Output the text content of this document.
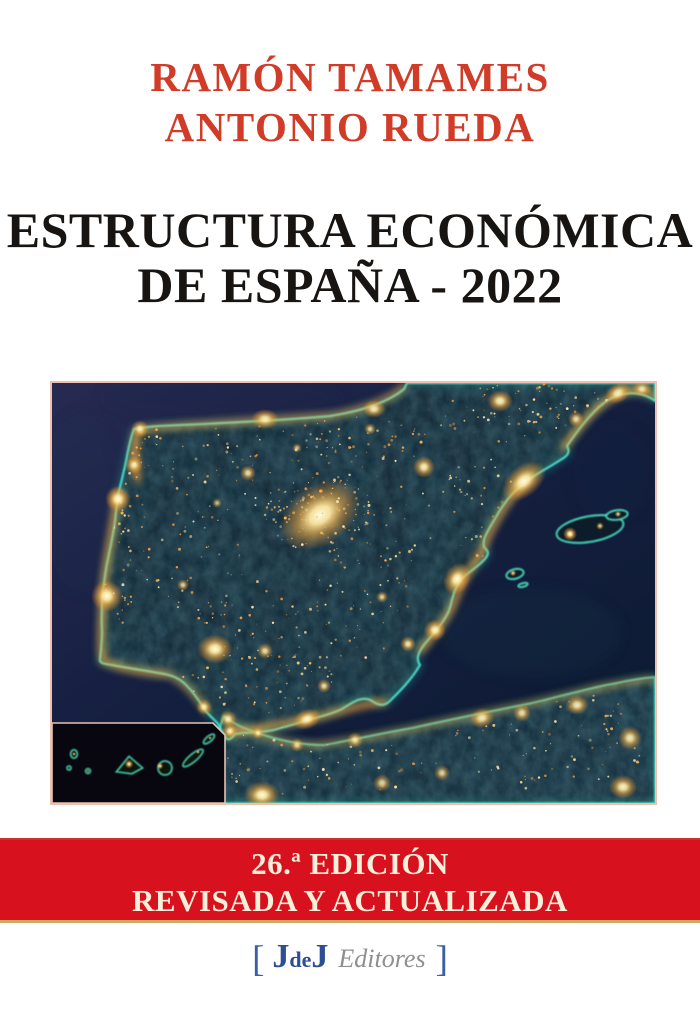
RAMÓN TAMAMES
ANTONIO RUEDA
ESTRUCTURA ECONÓMICA
DE ESPAÑA - 2022
26.ª EDICIÓN
REVISADA Y ACTUALIZADA
[ JdeJ Editores ]
